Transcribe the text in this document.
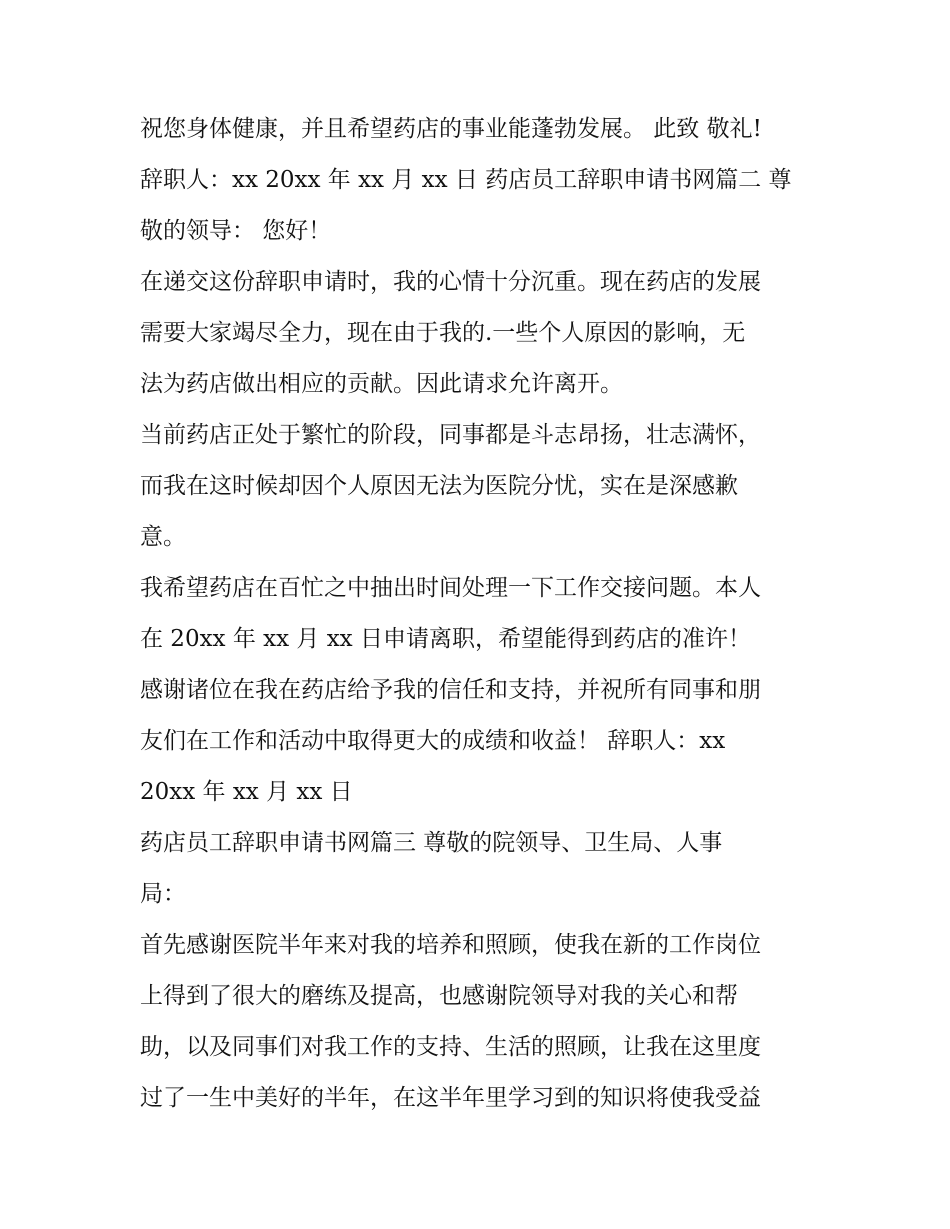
祝您身体健康，并且希望药店的事业能蓬勃发展。 此致 敬礼!
辞职人：xx 20xx 年 xx 月 xx 日 药店员工辞职申请书网篇二 尊
敬的领导： 您好！
在递交这份辞职申请时，我的心情十分沉重。现在药店的发展
需要大家竭尽全力，现在由于我的.一些个人原因的影响，无
法为药店做出相应的贡献。因此请求允许离开。
当前药店正处于繁忙的阶段，同事都是斗志昂扬，壮志满怀，
而我在这时候却因个人原因无法为医院分忧，实在是深感歉
意。
我希望药店在百忙之中抽出时间处理一下工作交接问题。本人
在 20xx 年 xx 月 xx 日申请离职，希望能得到药店的准许！
感谢诸位在我在药店给予我的信任和支持，并祝所有同事和朋
友们在工作和活动中取得更大的成绩和收益！ 辞职人：xx
20xx 年 xx 月 xx 日
药店员工辞职申请书网篇三 尊敬的院领导、卫生局、人事
局：
首先感谢医院半年来对我的培养和照顾，使我在新的工作岗位
上得到了很大的磨练及提高，也感谢院领导对我的关心和帮
助，以及同事们对我工作的支持、生活的照顾，让我在这里度
过了一生中美好的半年，在这半年里学习到的知识将使我受益
